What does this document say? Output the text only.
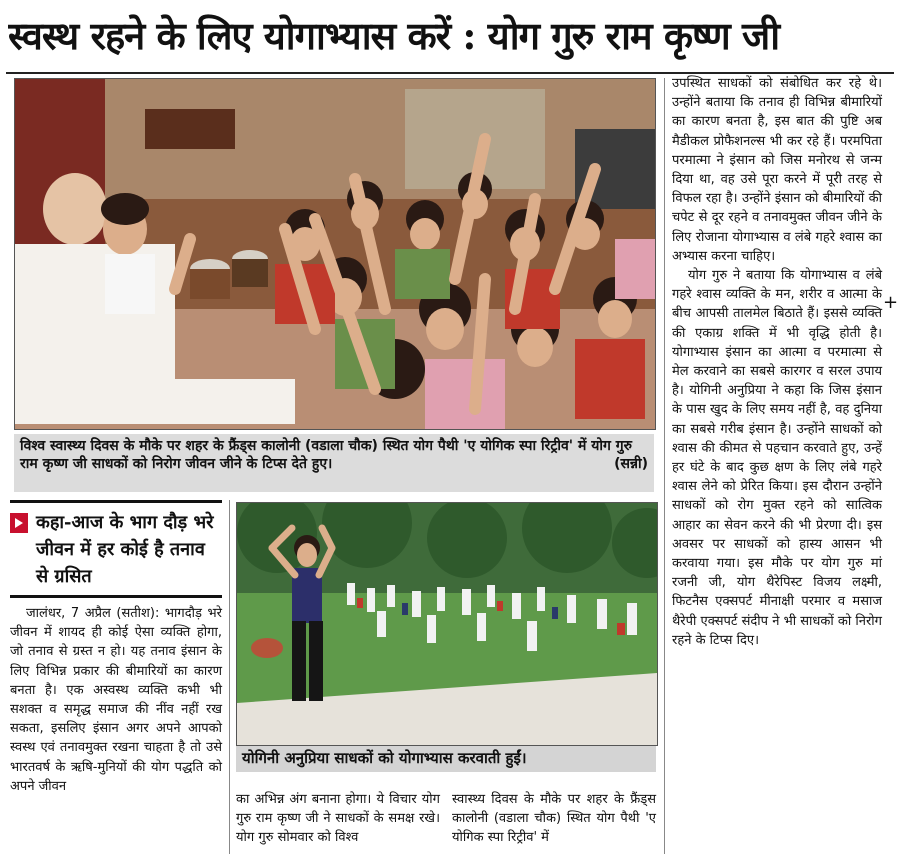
स्वस्थ रहने के लिए योगाभ्यास करें : योग गुरु राम कृष्ण जी
विश्व स्वास्थ्य दिवस के मौके पर शहर के फ्रैंड्स कालोनी (वडाला चौक) स्थित योग पैथी 'ए योगिक स्पा रिट्रीव' में योग गुरु राम कृष्ण जी साधकों को निरोग जीवन जीने के टिप्स देते हुए।	(सन्नी)
कहा-आज के भाग दौड़ भरे जीवन में हर कोई है तनाव से ग्रसित

जालंधर, 7 अप्रैल (सतीश): भागदौड़ भरे जीवन में शायद ही कोई ऐसा व्यक्ति होगा, जो तनाव से ग्रस्त न हो। यह तनाव इंसान के लिए विभिन्न प्रकार की बीमारियों का कारण बनता है। एक अस्वस्थ व्यक्ति कभी भी सशक्त व समृद्ध समाज की नींव नहीं रख सकता, इसलिए इंसान अगर अपने आपको स्वस्थ एवं तनावमुक्त रखना चाहता है तो उसे भारतवर्ष के ऋषि-मुनियों की योग पद्धति को अपने जीवन

योगिनी अनुप्रिया साधकों को योगाभ्यास करवाती हुईं।

का अभिन्न अंग बनाना होगा। ये विचार योग गुरु राम कृष्ण जी ने साधकों के समक्ष रखे। योग गुरु सोमवार को विश्व

स्वास्थ्य दिवस के मौके पर शहर के फ्रैंड्स कालोनी (वडाला चौक) स्थित योग पैथी 'ए योगिक स्पा रिट्रीव' में

उपस्थित साधकों को संबोधित कर रहे थे। उन्होंने बताया कि तनाव ही विभिन्न बीमारियों का कारण बनता है, इस बात की पुष्टि अब मैडीकल प्रोफैशनल्स भी कर रहे हैं। परमपिता परमात्मा ने इंसान को जिस मनोरथ से जन्म दिया था, वह उसे पूरा करने में पूरी तरह से विफल रहा है। उन्होंने इंसान को बीमारियों की चपेट से दूर रहने व तनावमुक्त जीवन जीने के लिए रोजाना योगाभ्यास व लंबे गहरे श्वास का अभ्यास करना चाहिए।

योग गुरु ने बताया कि योगाभ्यास व लंबे गहरे श्वास व्यक्ति के मन, शरीर व आत्मा के बीच आपसी तालमेल बिठाते हैं। इससे व्यक्ति की एकाग्र शक्ति में भी वृद्धि होती है। योगाभ्यास इंसान का आत्मा व परमात्मा से मेल करवाने का सबसे कारगर व सरल उपाय है। योगिनी अनुप्रिया ने कहा कि जिस इंसान के पास खुद के लिए समय नहीं है, वह दुनिया का सबसे गरीब इंसान है। उन्होंने साधकों को श्वास की कीमत से पहचान करवाते हुए, उन्हें हर घंटे के बाद कुछ क्षण के लिए लंबे गहरे श्वास लेने को प्रेरित किया। इस दौरान उन्होंने साधकों को रोग मुक्त रहने को सात्विक आहार का सेवन करने की भी प्रेरणा दी। इस अवसर पर साधकों को हास्य आसन भी करवाया गया। इस मौके पर योग गुरु मां रजनी जी, योग थैरेपिस्ट विजय लक्ष्मी, फिटनैस एक्सपर्ट मीनाक्षी परमार व मसाज थैरेपी एक्सपर्ट संदीप ने भी साधकों को निरोग रहने के टिप्स दिए।

+
